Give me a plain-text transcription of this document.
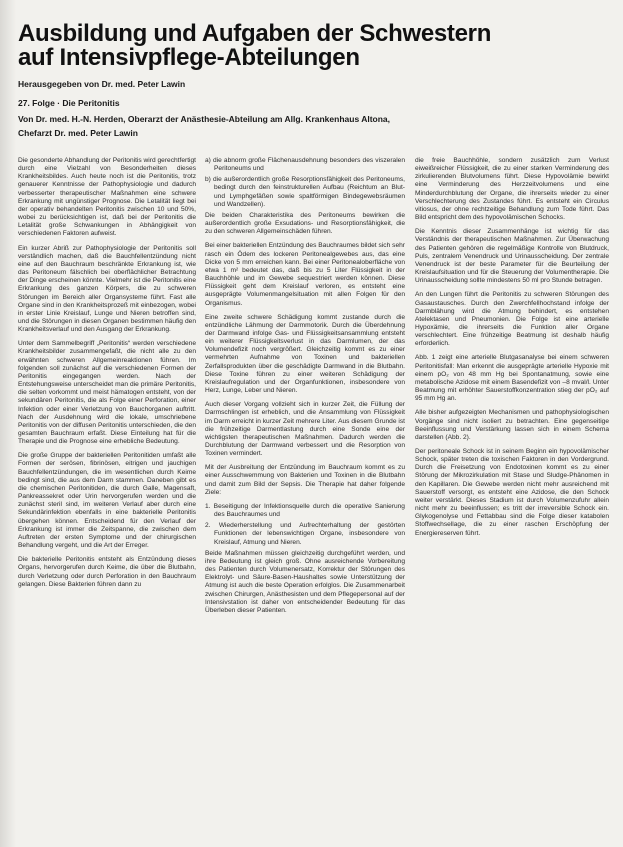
Ausbildung und Aufgaben der Schwestern
auf Intensivpflege-Abteilungen
Herausgegeben von Dr. med. Peter Lawin
27. Folge · Die Peritonitis
Von Dr. med. H.-N. Herden, Oberarzt der Anästhesie-Abteilung am Allg. Krankenhaus Altona,
Chefarzt Dr. med. Peter Lawin

Die gesonderte Abhandlung der Peritonitis wird gerechtfertigt durch eine Vielzahl von Besonderheiten dieses Krankheitsbildes. Auch heute noch ist die Peritonitis, trotz genauerer Kenntnisse der Pathophysiologie und dadurch verbesserter therapeutischer Maßnahmen eine schwere Erkrankung mit ungünstiger Prognose. Die Letalität liegt bei der operativ behandelten Peritonitis zwischen 10 und 50%, wobei zu berücksichtigen ist, daß bei der Peritonitis die Letalität große Schwankungen in Abhängigkeit von verschiedenen Faktoren aufweist.

Ein kurzer Abriß zur Pathophysiologie der Peritonitis soll verständlich machen, daß die Bauchfellentzündung nicht eine auf den Bauchraum beschränkte Erkrankung ist, wie das Peritoneum fälschlich bei oberflächlicher Betrachtung der Dinge erscheinen könnte. Vielmehr ist die Peritonitis eine Erkrankung des ganzen Körpers, die zu schweren Störungen im Bereich aller Organsysteme führt. Fast alle Organe sind in den Krankheitsprozeß mit einbezogen, wobei in erster Linie Kreislauf, Lunge und Nieren betroffen sind, und die Störungen in diesen Organen bestimmen häufig den Krankheitsverlauf und den Ausgang der Erkrankung.

Unter dem Sammelbegriff „Peritonitis“ werden verschiedene Krankheitsbilder zusammengefaßt, die nicht alle zu den erwähnten schweren Allgemeinreaktionen führen. Im folgenden soll zunächst auf die verschiedenen Formen der Peritonitis eingegangen werden. Nach der Entstehungsweise unterscheidet man die primäre Peritonitis, die selten vorkommt und meist hämatogen entsteht, von der sekundären Peritonitis, die als Folge einer Perforation, einer Infektion oder einer Verletzung von Bauchorganen auftritt. Nach der Ausdehnung wird die lokale, umschriebene Peritonitis von der diffusen Peritonitis unterschieden, die den gesamten Bauchraum erfaßt. Diese Einteilung hat für die Therapie und die Prognose eine erhebliche Bedeutung.

Die große Gruppe der bakteriellen Peritonitiden umfaßt alle Formen der serösen, fibrinösen, eitrigen und jauchigen Bauchfellentzündungen, die im wesentlichen durch Keime bedingt sind, die aus dem Darm stammen. Daneben gibt es die chemischen Peritonitiden, die durch Galle, Magensaft, Pankreassekret oder Urin hervorgerufen werden und die zunächst steril sind, im weiteren Verlauf aber durch eine Sekundärinfektion ebenfalls in eine bakterielle Peritonitis übergehen können. Entscheidend für den Verlauf der Erkrankung ist immer die Zeitspanne, die zwischen dem Auftreten der ersten Symptome und der chirurgischen Behandlung vergeht, und die Art der Erreger.

Die bakterielle Peritonitis entsteht als Entzündung dieses Organs, hervorgerufen durch Keime, die über die Blutbahn, durch Verletzung oder durch Perforation in den Bauchraum gelangen. Diese Bakterien führen dann zu

a) die abnorm große Flächenausdehnung besonders des viszeralen Peritoneums und
b) die außerordentlich große Resorptionsfähigkeit des Peritoneums, bedingt durch den feinstrukturellen Aufbau (Reichtum an Blut- und Lymphgefäßen sowie spaltförmigen Bindegewebsräumen und Wandzellen).

Die beiden Charakteristika des Peritoneums bewirken die außerordentlich große Exsudations- und Resorptionsfähigkeit, die zu den schweren Allgemeinschäden führen.

Bei einer bakteriellen Entzündung des Bauchraumes bildet sich sehr rasch ein Ödem des lockeren Peritonealgewebes aus, das eine Dicke von 5 mm erreichen kann. Bei einer Peritonealoberfläche von etwa 1 m² bedeutet das, daß bis zu 5 Liter Flüssigkeit in der Bauchhöhle und im Gewebe sequestriert werden können. Diese Flüssigkeit geht dem Kreislauf verloren, es entsteht eine ausgeprägte Volumenmangelsituation mit allen Folgen für den Organismus.

Eine zweite schwere Schädigung kommt zustande durch die entzündliche Lähmung der Darmmotorik. Durch die Überdehnung der Darmwand infolge Gas- und Flüssigkeitsansammlung entsteht ein weiterer Flüssigkeitsverlust in das Darmlumen, der das Volumendefizit noch vergrößert. Gleichzeitig kommt es zu einer vermehrten Aufnahme von Toxinen und bakteriellen Zerfallsprodukten über die geschädigte Darmwand in die Blutbahn. Diese Toxine führen zu einer weiteren Schädigung der Kreislaufregulation und der Organfunktionen, insbesondere von Herz, Lunge, Leber und Nieren.

Auch dieser Vorgang vollzieht sich in kurzer Zeit, die Füllung der Darmschlingen ist erheblich, und die Ansammlung von Flüssigkeit im Darm erreicht in kurzer Zeit mehrere Liter. Aus diesem Grunde ist die frühzeitige Darmentlastung durch eine Sonde eine der wichtigsten therapeutischen Maßnahmen. Dadurch werden die Durchblutung der Darmwand verbessert und die Resorption von Toxinen vermindert.

Mit der Ausbreitung der Entzündung im Bauchraum kommt es zu einer Ausschwemmung von Bakterien und Toxinen in die Blutbahn und damit zum Bild der Sepsis. Die Therapie hat daher folgende Ziele:

1. Beseitigung der Infektionsquelle durch die operative Sanierung des Bauchraumes und
2. Wiederherstellung und Aufrechterhaltung der gestörten Funktionen der lebenswichtigen Organe, insbesondere von Kreislauf, Atmung und Nieren.

Beide Maßnahmen müssen gleichzeitig durchgeführt werden, und ihre Bedeutung ist gleich groß. Ohne ausreichende Vorbereitung des Patienten durch Volumenersatz, Korrektur der Störungen des Elektrolyt- und Säure-Basen-Haushaltes sowie Unterstützung der Atmung ist auch die beste Operation erfolglos. Die Zusammenarbeit zwischen Chirurgen, Anästhesisten und dem Pflegepersonal auf der Intensivstation ist daher von entscheidender Bedeutung für das Überleben dieser Patienten.

die freie Bauchhöhle, sondern zusätzlich zum Verlust eiweißreicher Flüssigkeit, die zu einer starken Verminderung des zirkulierenden Blutvolumens führt. Diese Hypovolämie bewirkt eine Verminderung des Herzzeitvolumens und eine Minderdurchblutung der Organe, die ihrerseits wieder zu einer Verschlechterung des Zustandes führt. Es entsteht ein Circulus vitiosus, der ohne rechtzeitige Behandlung zum Tode führt. Das Bild entspricht dem des hypovolämischen Schocks.

Die Kenntnis dieser Zusammenhänge ist wichtig für das Verständnis der therapeutischen Maßnahmen. Zur Überwachung des Patienten gehören die regelmäßige Kontrolle von Blutdruck, Puls, zentralem Venendruck und Urinausscheidung. Der zentrale Venendruck ist der beste Parameter für die Beurteilung der Kreislaufsituation und für die Steuerung der Volumentherapie. Die Urinausscheidung sollte mindestens 50 ml pro Stunde betragen.

An den Lungen führt die Peritonitis zu schweren Störungen des Gasaustausches. Durch den Zwerchfellhochstand infolge der Darmblähung wird die Atmung behindert, es entstehen Atelektasen und Pneumonien. Die Folge ist eine arterielle Hypoxämie, die ihrerseits die Funktion aller Organe verschlechtert. Eine frühzeitige Beatmung ist deshalb häufig erforderlich.

Abb. 1 zeigt eine arterielle Blutgasanalyse bei einem schweren Peritonitisfall: Man erkennt die ausgeprägte arterielle Hypoxie mit einem pO₂ von 48 mm Hg bei Spontanatmung, sowie eine metabolische Azidose mit einem Basendefizit von –8 mval/l. Unter Beatmung mit erhöhter Sauerstoffkonzentration stieg der pO₂ auf 95 mm Hg an.

Alle bisher aufgezeigten Mechanismen und pathophysiologischen Vorgänge sind nicht isoliert zu betrachten. Eine gegenseitige Beeinflussung und Verstärkung lassen sich in einem Schema darstellen (Abb. 2).

Der peritoneale Schock ist in seinem Beginn ein hypovolämischer Schock, später treten die toxischen Faktoren in den Vordergrund. Durch die Freisetzung von Endotoxinen kommt es zu einer Störung der Mikrozirkulation mit Stase und Sludge-Phänomen in den Kapillaren. Die Gewebe werden nicht mehr ausreichend mit Sauerstoff versorgt, es entsteht eine Azidose, die den Schock weiter verstärkt. Dieses Stadium ist durch Volumenzufuhr allein nicht mehr zu beeinflussen; es tritt der irreversible Schock ein. Glykogenolyse und Fettabbau sind die Folge dieser katabolen Stoffwechsellage, die zu einer raschen Erschöpfung der Energiereserven führt.
